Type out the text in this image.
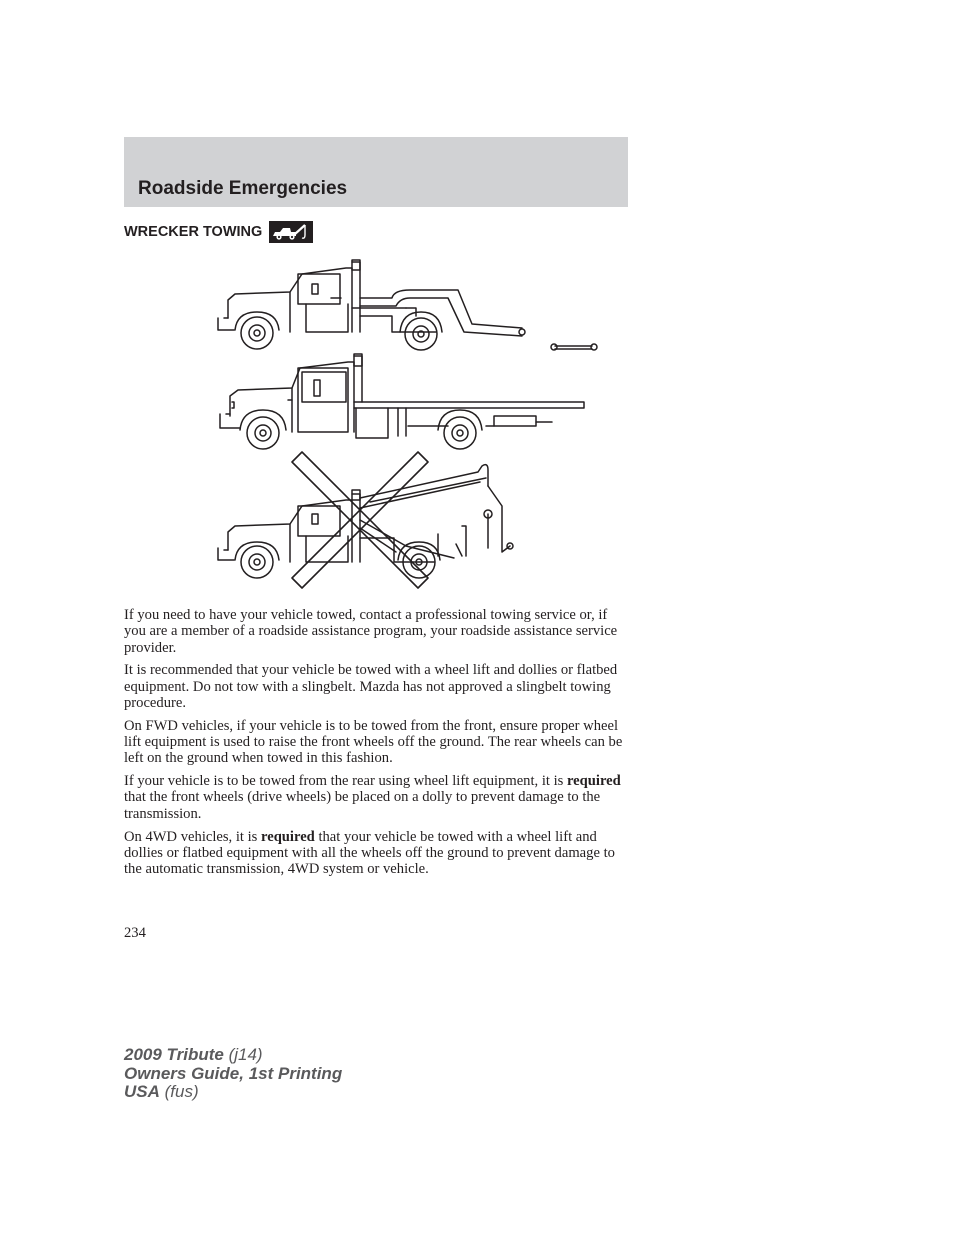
Roadside Emergencies
WRECKER TOWING

If you need to have your vehicle towed, contact a professional towing service or, if you are a member of a roadside assistance program, your roadside assistance service provider.

It is recommended that your vehicle be towed with a wheel lift and dollies or flatbed equipment. Do not tow with a slingbelt. Mazda has not approved a slingbelt towing procedure.

On FWD vehicles, if your vehicle is to be towed from the front, ensure proper wheel lift equipment is used to raise the front wheels off the ground. The rear wheels can be left on the ground when towed in this fashion.

If your vehicle is to be towed from the rear using wheel lift equipment, it is required that the front wheels (drive wheels) be placed on a dolly to prevent damage to the transmission.

On 4WD vehicles, it is required that your vehicle be towed with a wheel lift and dollies or flatbed equipment with all the wheels off the ground to prevent damage to the automatic transmission, 4WD system or vehicle.

234
2009 Tribute (j14)
Owners Guide, 1st Printing
USA (fus)
